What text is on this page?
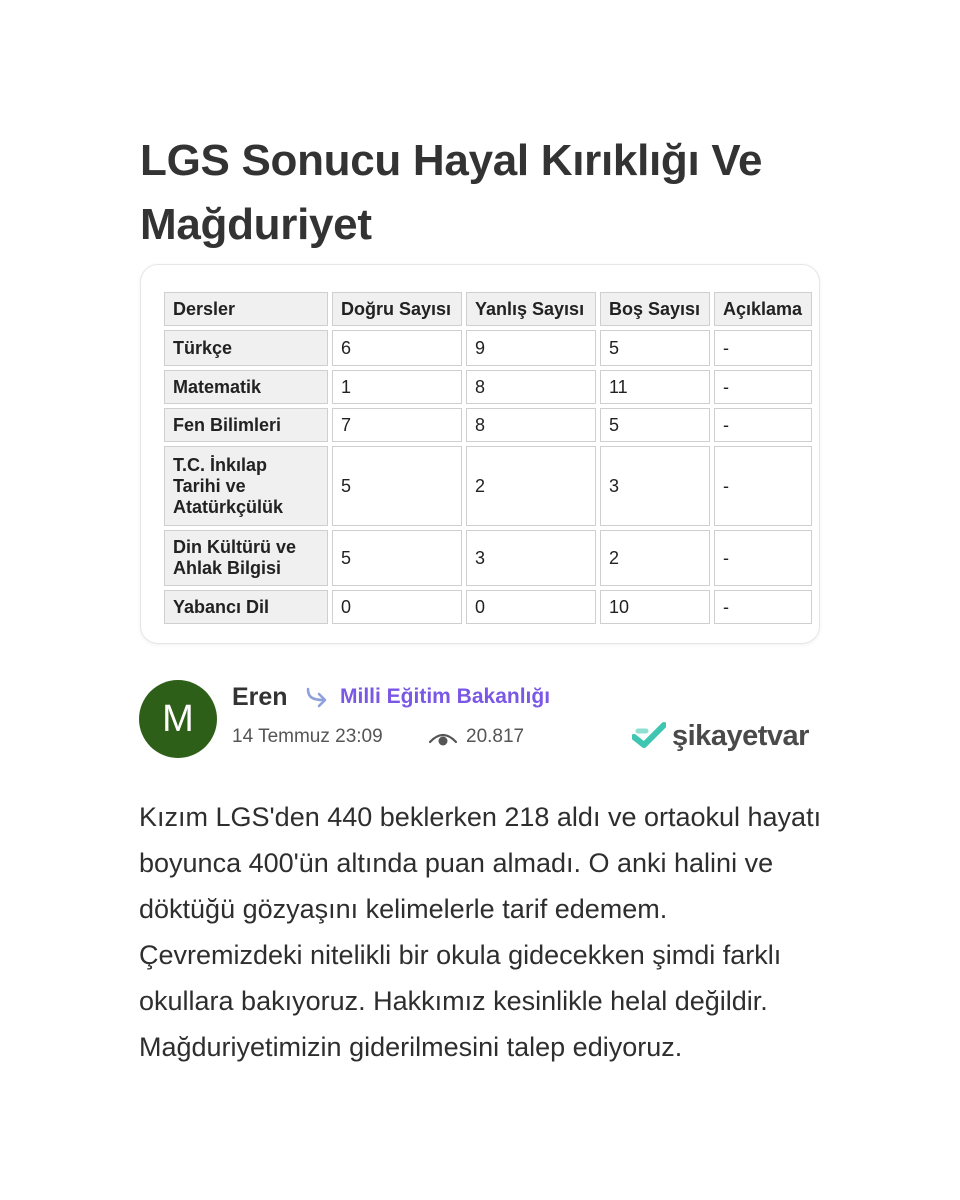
LGS Sonucu Hayal Kırıklığı Ve Mağduriyet
Dersler	Doğru Sayısı	Yanlış Sayısı	Boş Sayısı	Açıklama
Türkçe	6	9	5	-
Matematik	1	8	11	-
Fen Bilimleri	7	8	5	-
T.C. İnkılap Tarihi ve Atatürkçülük	5	2	3	-
Din Kültürü ve Ahlak Bilgisi	5	3	2	-
Yabancı Dil	0	0	10	-
M
Eren Milli Eğitim Bakanlığı
14 Temmuz 23:09	20.817	şikayetvar
Kızım LGS'den 440 beklerken 218 aldı ve ortaokul hayatı boyunca 400'ün altında puan almadı. O anki halini ve döktüğü gözyaşını kelimelerle tarif edemem. Çevremizdeki nitelikli bir okula gidecekken şimdi farklı okullara bakıyoruz. Hakkımız kesinlikle helal değildir. Mağduriyetimizin giderilmesini talep ediyoruz.
